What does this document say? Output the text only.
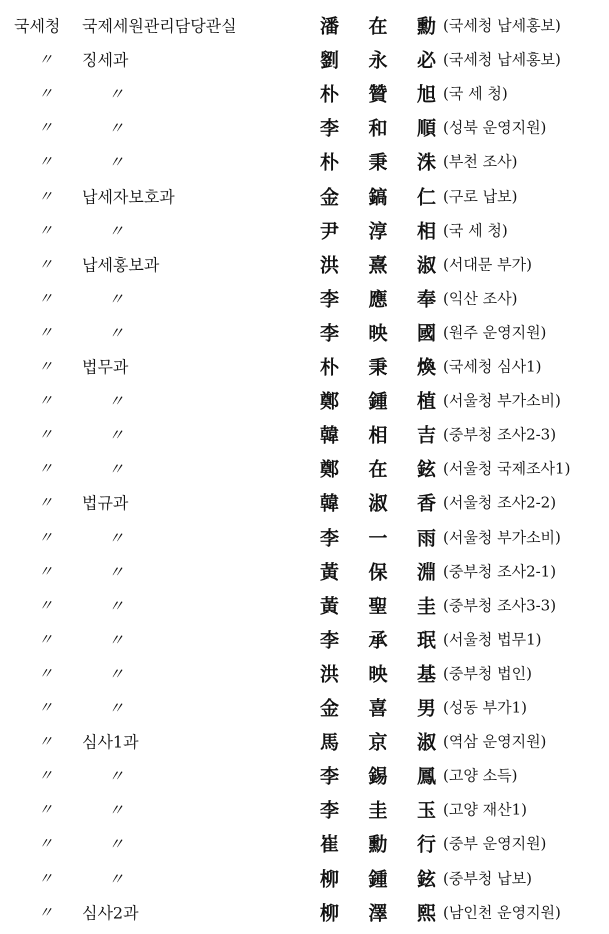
국세청 국제세원관리담당관실	潘 在 勳 (국세청 납세홍보)
〃 징세과	劉 永 必 (국세청 납세홍보)
〃	〃	朴 贊 旭 (국 세 청)
〃	〃	李 和 順 (성북 운영지원)
〃	〃	朴 秉 洙 (부천 조사)
〃 납세자보호과	金 鎬 仁 (구로 납보)
〃	〃	尹 淳 相 (국 세 청)
〃 납세홍보과	洪 熹 淑 (서대문 부가)
〃	〃	李 應 奉 (익산 조사)
〃	〃	李 映 國 (원주 운영지원)
〃 법무과	朴 秉 煥 (국세청 심사1)
〃	〃	鄭 鍾 植 (서울청 부가소비)
〃	〃	韓 相 吉 (중부청 조사2-3)
〃	〃	鄭 在 鉉 (서울청 국제조사1)
〃 법규과	韓 淑 香 (서울청 조사2-2)
〃	〃	李 一 雨 (서울청 부가소비)
〃	〃	黃 保 淵 (중부청 조사2-1)
〃	〃	黃 聖 圭 (중부청 조사3-3)
〃	〃	李 承 珉 (서울청 법무1)
〃	〃	洪 映 基 (중부청 법인)
〃	〃	金 喜 男 (성동 부가1)
〃 심사1과	馬 京 淑 (역삼 운영지원)
〃	〃	李 錫 鳳 (고양 소득)
〃	〃	李 圭 玉 (고양 재산1)
〃	〃	崔 勳 行 (중부 운영지원)
〃	〃	柳 鍾 鉉 (중부청 납보)
〃 심사2과	柳 澤 熙 (남인천 운영지원)
